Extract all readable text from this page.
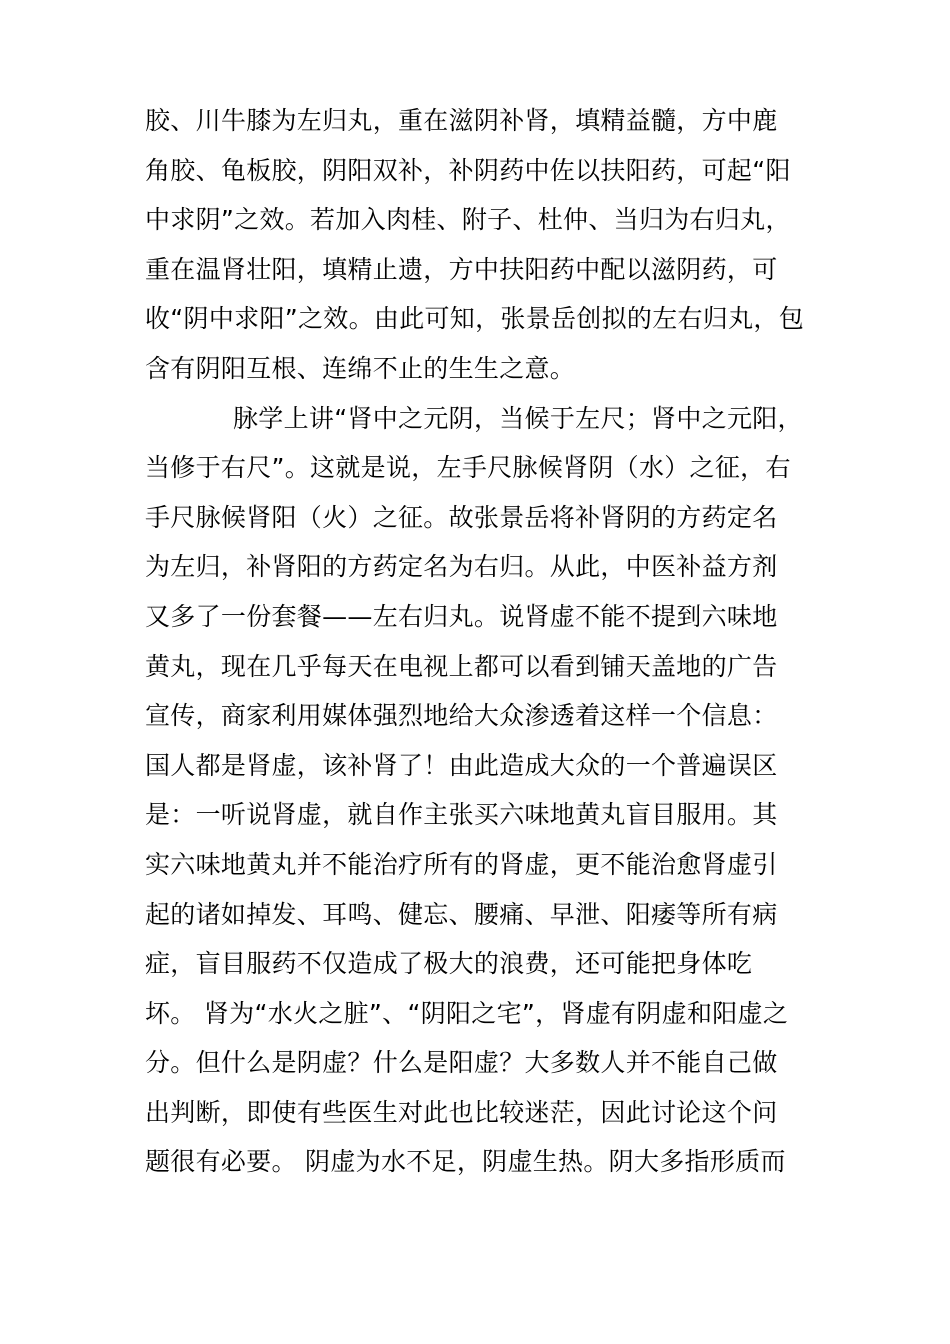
胶、川牛膝为左归丸，重在滋阴补肾，填精益髓，方中鹿
角胶、龟板胶，阴阳双补，补阴药中佐以扶阳药，可起“阳
中求阴”之效。若加入肉桂、附子、杜仲、当归为右归丸，
重在温肾壮阳，填精止遗，方中扶阳药中配以滋阴药，可
收“阴中求阳”之效。由此可知，张景岳创拟的左右归丸，包
含有阴阳互根、连绵不止的生生之意。
脉学上讲“肾中之元阴，当候于左尺；肾中之元阳，
当修于右尺”。这就是说，左手尺脉候肾阴（水）之征，右
手尺脉候肾阳（火）之征。故张景岳将补肾阴的方药定名
为左归，补肾阳的方药定名为右归。从此，中医补益方剂
又多了一份套餐——左右归丸。说肾虚不能不提到六味地
黄丸，现在几乎每天在电视上都可以看到铺天盖地的广告
宣传，商家利用媒体强烈地给大众渗透着这样一个信息：
国人都是肾虚，该补肾了！由此造成大众的一个普遍误区
是：一听说肾虚，就自作主张买六味地黄丸盲目服用。其
实六味地黄丸并不能治疗所有的肾虚，更不能治愈肾虚引
起的诸如掉发、耳鸣、健忘、腰痛、早泄、阳痿等所有病
症，盲目服药不仅造成了极大的浪费，还可能把身体吃
坏。 肾为“水火之脏”、“阴阳之宅”，肾虚有阴虚和阳虚之
分。但什么是阴虚？什么是阳虚？大多数人并不能自己做
出判断，即使有些医生对此也比较迷茫，因此讨论这个问
题很有必要。 阴虚为水不足，阴虚生热。阴大多指形质而
